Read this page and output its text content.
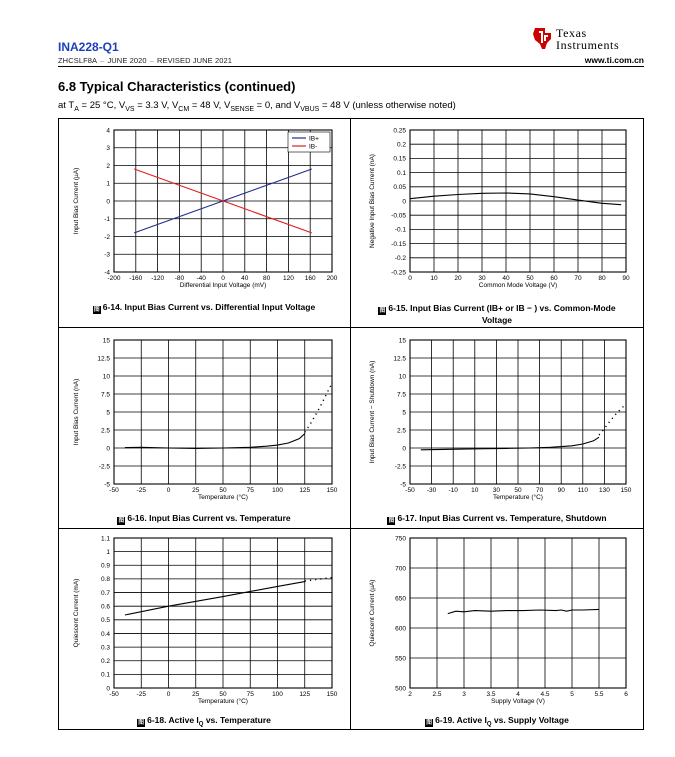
INA228-Q1
ZHCSLF8A – JUNE 2020 – REVISED JUNE 2021
Texas
Instruments
www.ti.com.cn
6.8 Typical Characteristics (continued)
at $T_A = 25$ °C, $V_{VS} = 3.3$ V, $V_{CM} = 48$ V, $V_{SENSE} = 0$, and $V_{VBUS} = 48$ V (unless otherwise noted)
-200 -160 -120 -80 -40 0	40 80 120 160 200
-4
-3
-2
-1
0
1
2
3
4
Differential Input Voltage (mV)
Input Bias Current (µA)
IB+
IB-
0	10	20	30	40	50	60	70	80	90
0.25
0.2
0.15
0.1
0.05
0
-0.05
-0.1
-0.15
-0.2
-0.25
Common Mode Voltage (V)
Negative Input Bias Current (nA)
-50	-25	0	25	50	75	100	125	150
15
12.5
10
7.5
5
2.5
0
-2.5
-5
Temperature (°C)
Input Bias Current (nA)
-50 -30 -10 10 30 50 70 90 110 130 150
15
12.5
10
7.5
5
2.5
0
-2.5
-5
Temperature (°C)
Input Bias Current − Shutdown (nA)
-50	-25	0	25	50	75	100	125	150
1.1
1
0.9
0.8
0.7
0.6
0.5
0.4
0.3
0.2
0.1
0
Temperature (°C)
Quiescent Current (mA)
2	2.5	3	3.5	4	4.5	5	5.5	6
750
700
650
600
550
500
Supply Voltage (V)
Quiescent Current (µA)
图 6-14. Input Bias Current vs. Differential Input Voltage	图 6-15. Input Bias Current (IB+ or IB − ) vs. Common-Mode Voltage
图 6-16. Input Bias Current vs. Temperature	图 6-17. Input Bias Current vs. Temperature, Shutdown
图 6-18. Active $I_Q$ vs. Temperature	图 6-19. Active $I_Q$ vs. Supply Voltage
